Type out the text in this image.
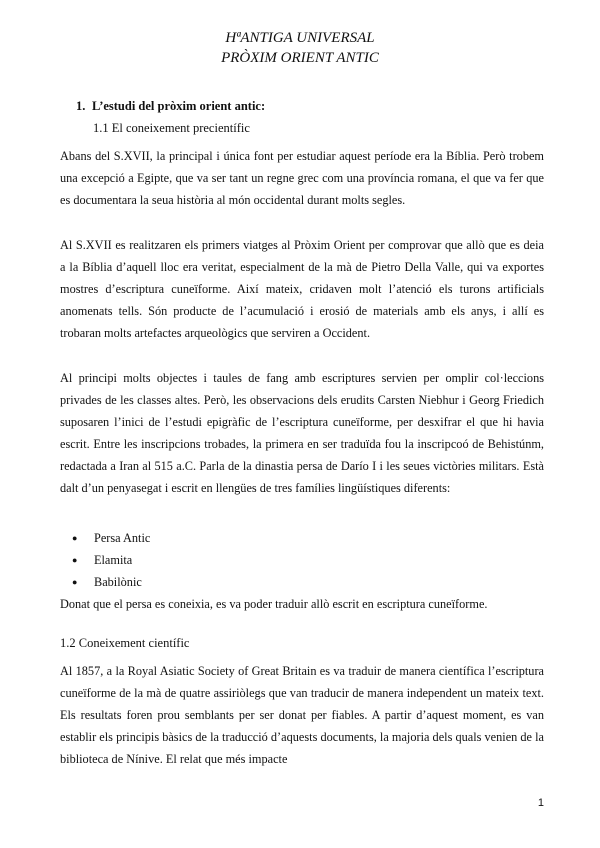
HªANTIGA UNIVERSAL
PRÒXIM ORIENT ANTIC
1. L’estudi del pròxim orient antic:
1.1 El coneixement precientífic

Abans del S.XVII, la principal i única font per estudiar aquest període era la Bíblia. Però trobem una excepció a Egipte, que va ser tant un regne grec com una província romana, el que va fer que es documentara la seua història al món occidental durant molts segles.

Al S.XVII es realitzaren els primers viatges al Pròxim Orient per comprovar que allò que es deia a la Bíblia d’aquell lloc era veritat, especialment de la mà de Pietro Della Valle, qui va exportes mostres d’escriptura cuneïforme. Així mateix, cridaven molt l’atenció els turons artificials anomenats tells. Són producte de l’acumulació i erosió de materials amb els anys, i allí es trobaran molts artefactes arqueològics que serviren a Occident.

Al principi molts objectes i taules de fang amb escriptures servien per omplir col·leccions privades de les classes altes. Però, les observacions dels erudits Carsten Niebhur i Georg Friedich suposaren l’inici de l’estudi epigràfic de l’escriptura cuneïforme, per desxifrar el que hi havia escrit. Entre les inscripcions trobades, la primera en ser traduïda fou la inscripcoó de Behistúnm, redactada a Iran al 515 a.C. Parla de la dinastia persa de Darío I i les seues victòries militars. Està dalt d’un penyasegat i escrit en llengües de tres famílies lingüístiques diferents:

● Persa Antic
● Elamita
● Babilònic

Donat que el persa es coneixia, es va poder traduir allò escrit en escriptura cuneïforme.

1.2 Coneixement científic

Al 1857, a la Royal Asiatic Society of Great Britain es va traduir de manera científica l’escriptura cuneïforme de la mà de quatre assiriòlegs que van traducir de manera independent un mateix text. Els resultats foren prou semblants per ser donat per fiables. A partir d’aquest moment, es van establir els principis bàsics de la traducció d’aquests documents, la majoria dels quals venien de la biblioteca de Nínive. El relat que més impacte

1
